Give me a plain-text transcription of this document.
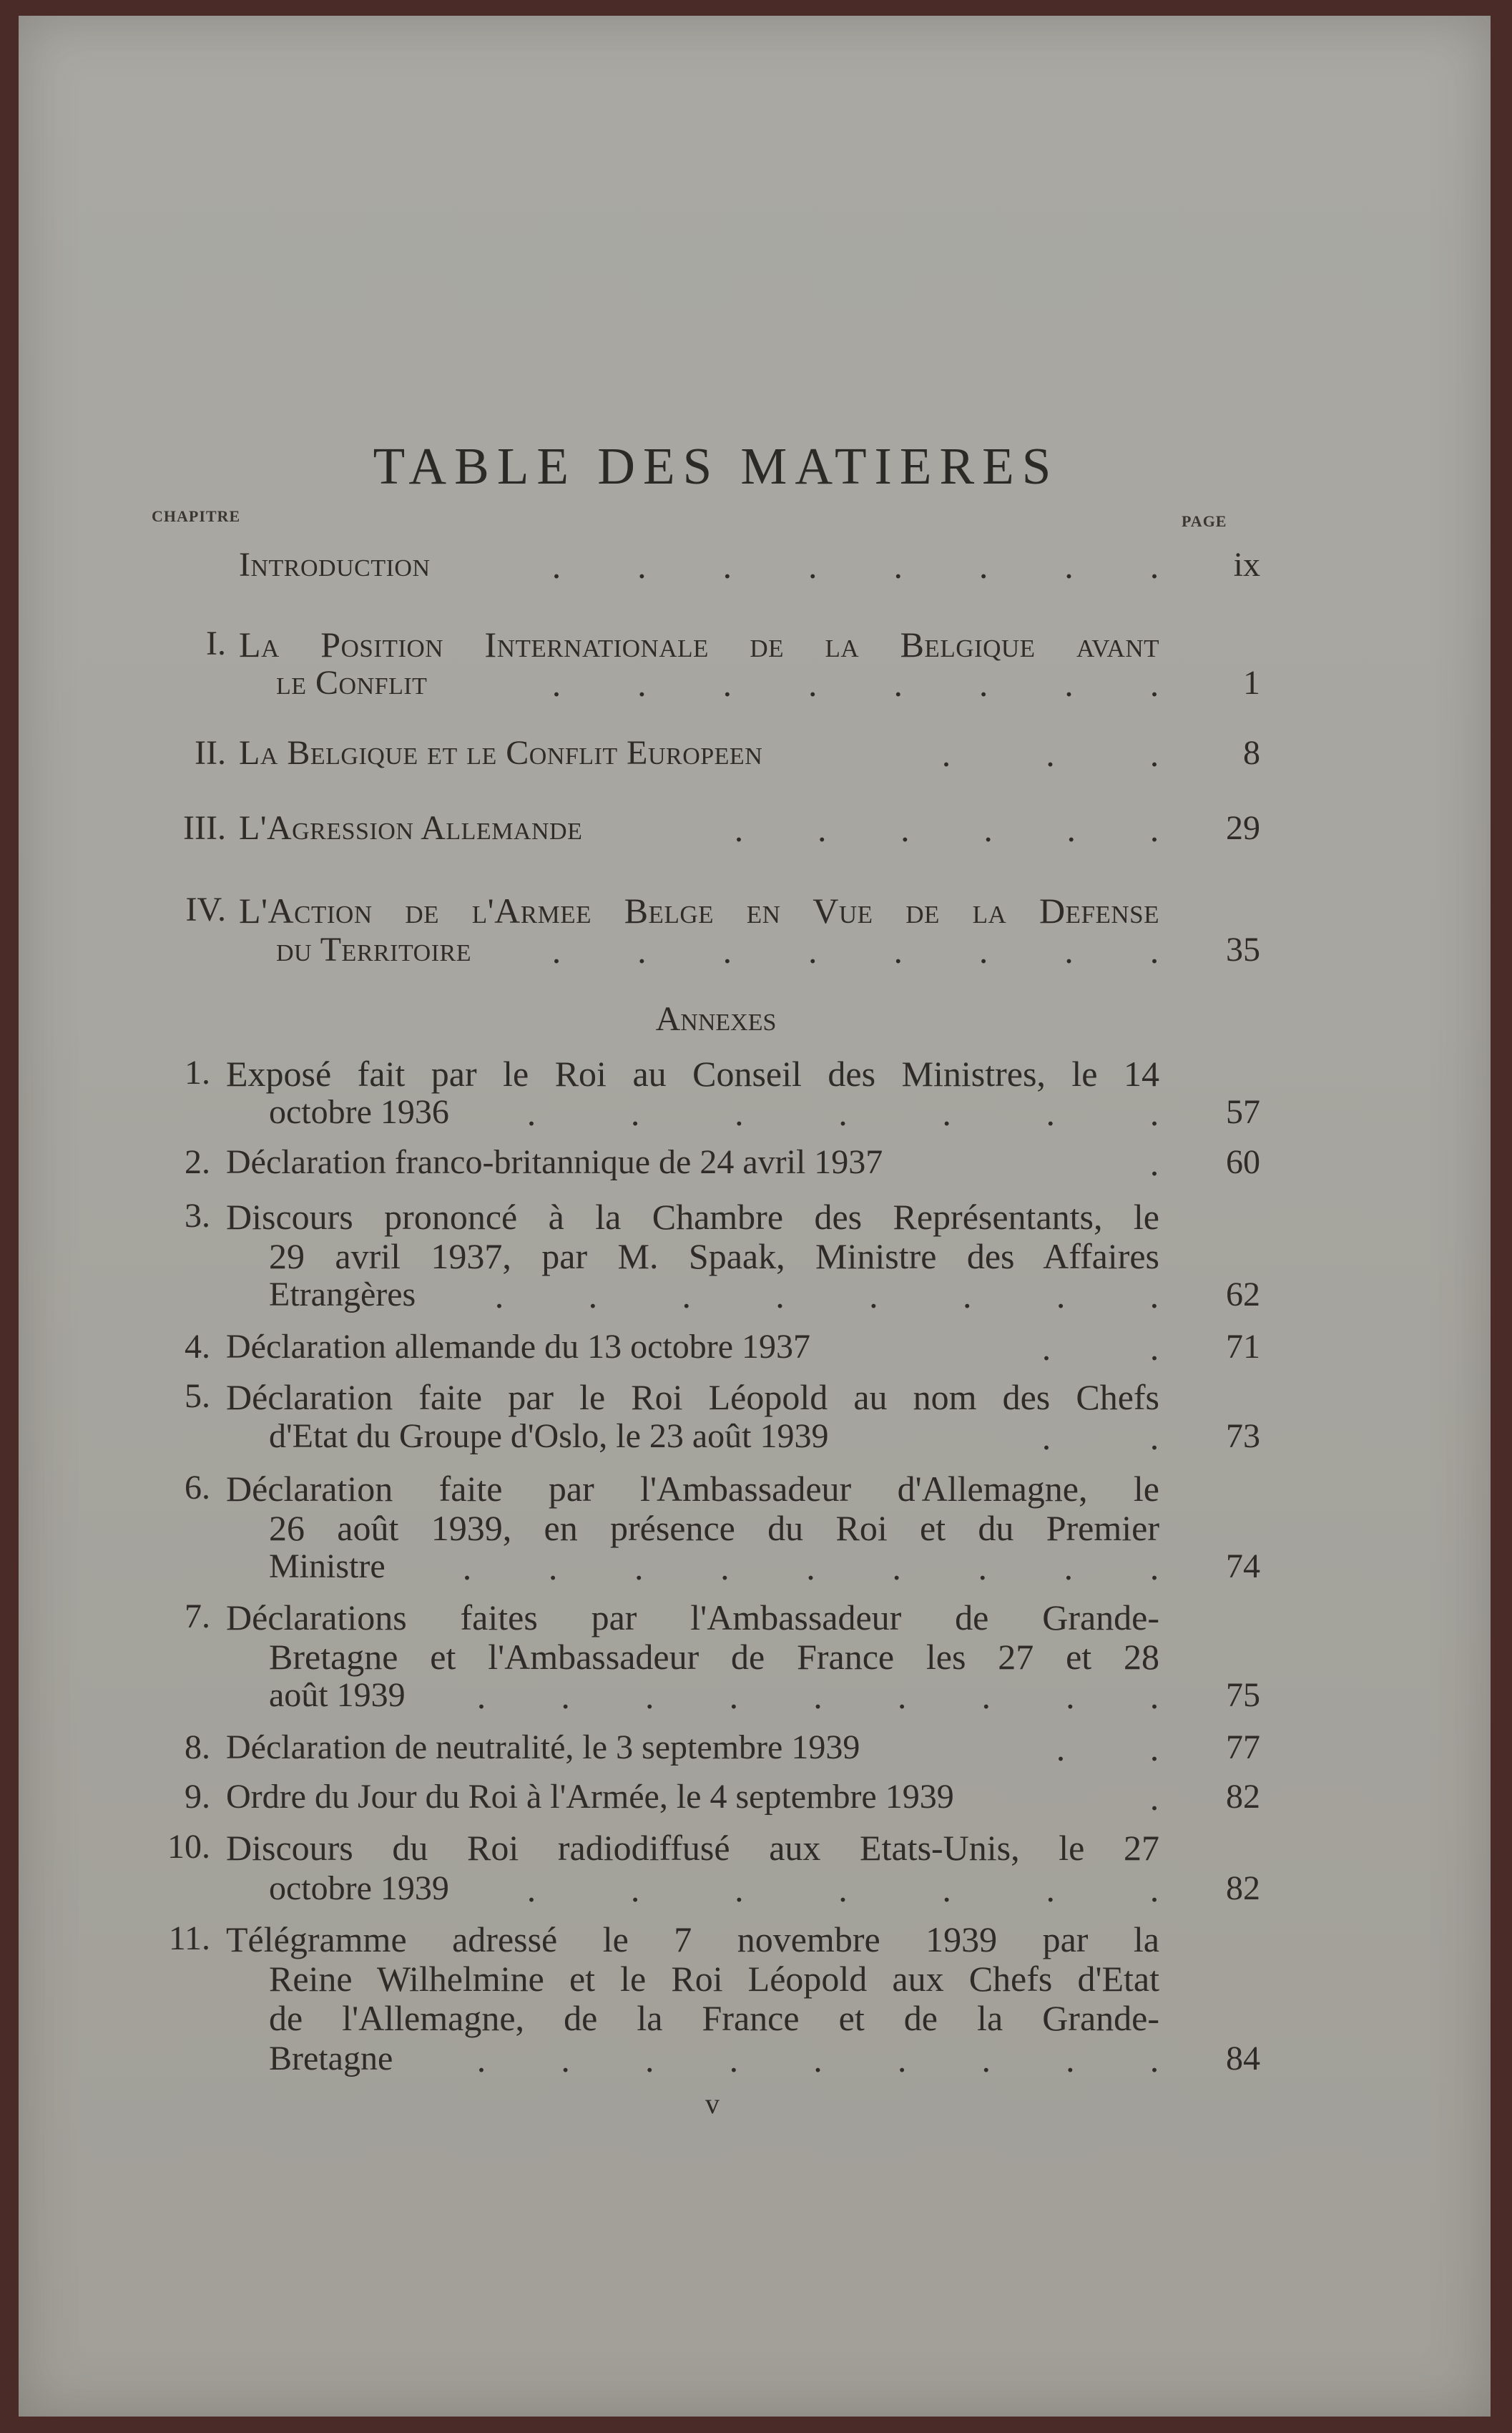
TABLE DES MATIERES
CHAPITRE	PAGE
Introduction	. . . . . . . .	ix
I. La Position Internationale de la Belgique avant
le Conflit	. . . . . . . .	1
II. La Belgique et le Conflit Europeen	.	.	.	8
III. L'Agression Allemande	. . . . . .	29
IV. L'Action de l'Armee Belge en Vue de la Defense
du Territoire . . . . . . . .	35
Annexes
1. Exposé fait par le Roi au Conseil des Ministres, le 14
octobre 1936 .	.	.	.	.	.	.	57
2. Déclaration franco-britannique de 24 avril 1937	.	60
3. Discours prononcé à la Chambre des Représentants, le
29 avril 1937, par M. Spaak, Ministre des Affaires
Etrangères . . . . . . . .	62
4. Déclaration allemande du 13 octobre 1937	.	.	71
5. Déclaration faite par le Roi Léopold au nom des Chefs
d'Etat du Groupe d'Oslo, le 23 août 1939	.	.	73
6. Déclaration faite par l'Ambassadeur d'Allemagne, le
26 août 1939, en présence du Roi et du Premier
Ministre . . . . . . . . .	74
7. Déclarations faites par l'Ambassadeur de Grande-
Bretagne et l'Ambassadeur de France les 27 et 28
août 1939 . . . . . . . . .	75
8. Déclaration de neutralité, le 3 septembre 1939	. .	77
9. Ordre du Jour du Roi à l'Armée, le 4 septembre 1939	.	82
10. Discours du Roi radiodiffusé aux Etats-Unis, le 27
octobre 1939 .	.	.	.	.	.	.	82
11. Télégramme adressé le 7 novembre 1939 par la
Reine Wilhelmine et le Roi Léopold aux Chefs d'Etat
de l'Allemagne, de la France et de la Grande-
Bretagne . . . . . . . . .	84
v
